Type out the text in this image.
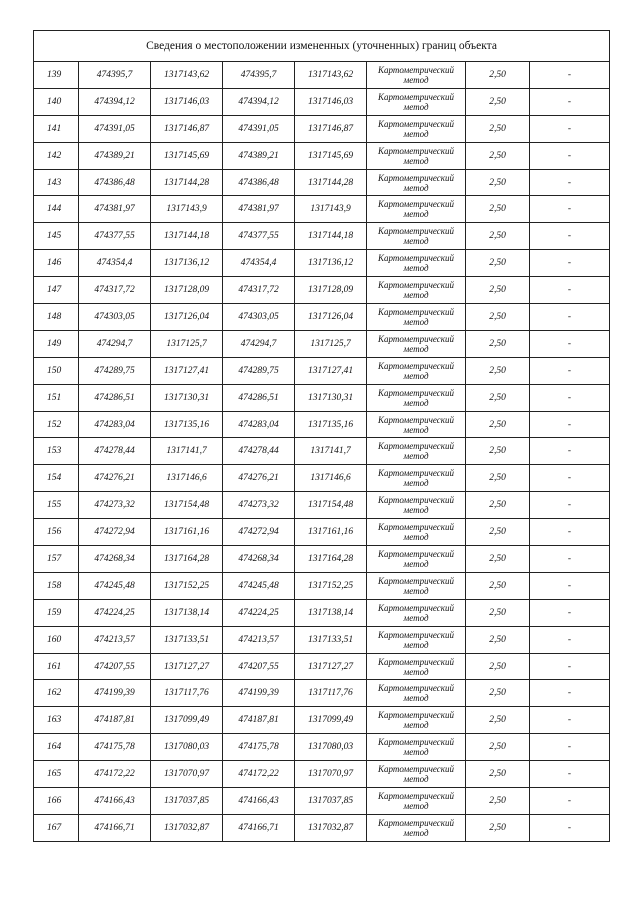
Сведения о местоположении измененных (уточненных) границ объекта							
139	474395,7	1317143,62	474395,7	1317143,62	Картометрический метод	2,50	-
140	474394,12	1317146,03	474394,12	1317146,03	Картометрический метод	2,50	-
141	474391,05	1317146,87	474391,05	1317146,87	Картометрический метод	2,50	-
142	474389,21	1317145,69	474389,21	1317145,69	Картометрический метод	2,50	-
143	474386,48	1317144,28	474386,48	1317144,28	Картометрический метод	2,50	-
144	474381,97	1317143,9	474381,97	1317143,9	Картометрический метод	2,50	-
145	474377,55	1317144,18	474377,55	1317144,18	Картометрический метод	2,50	-
146	474354,4	1317136,12	474354,4	1317136,12	Картометрический метод	2,50	-
147	474317,72	1317128,09	474317,72	1317128,09	Картометрический метод	2,50	-
148	474303,05	1317126,04	474303,05	1317126,04	Картометрический метод	2,50	-
149	474294,7	1317125,7	474294,7	1317125,7	Картометрический метод	2,50	-
150	474289,75	1317127,41	474289,75	1317127,41	Картометрический метод	2,50	-
151	474286,51	1317130,31	474286,51	1317130,31	Картометрический метод	2,50	-
152	474283,04	1317135,16	474283,04	1317135,16	Картометрический метод	2,50	-
153	474278,44	1317141,7	474278,44	1317141,7	Картометрический метод	2,50	-
154	474276,21	1317146,6	474276,21	1317146,6	Картометрический метод	2,50	-
155	474273,32	1317154,48	474273,32	1317154,48	Картометрический метод	2,50	-
156	474272,94	1317161,16	474272,94	1317161,16	Картометрический метод	2,50	-
157	474268,34	1317164,28	474268,34	1317164,28	Картометрический метод	2,50	-
158	474245,48	1317152,25	474245,48	1317152,25	Картометрический метод	2,50	-
159	474224,25	1317138,14	474224,25	1317138,14	Картометрический метод	2,50	-
160	474213,57	1317133,51	474213,57	1317133,51	Картометрический метод	2,50	-
161	474207,55	1317127,27	474207,55	1317127,27	Картометрический метод	2,50	-
162	474199,39	1317117,76	474199,39	1317117,76	Картометрический метод	2,50	-
163	474187,81	1317099,49	474187,81	1317099,49	Картометрический метод	2,50	-
164	474175,78	1317080,03	474175,78	1317080,03	Картометрический метод	2,50	-
165	474172,22	1317070,97	474172,22	1317070,97	Картометрический метод	2,50	-
166	474166,43	1317037,85	474166,43	1317037,85	Картометрический метод	2,50	-
167	474166,71	1317032,87	474166,71	1317032,87	Картометрический метод	2,50	-
